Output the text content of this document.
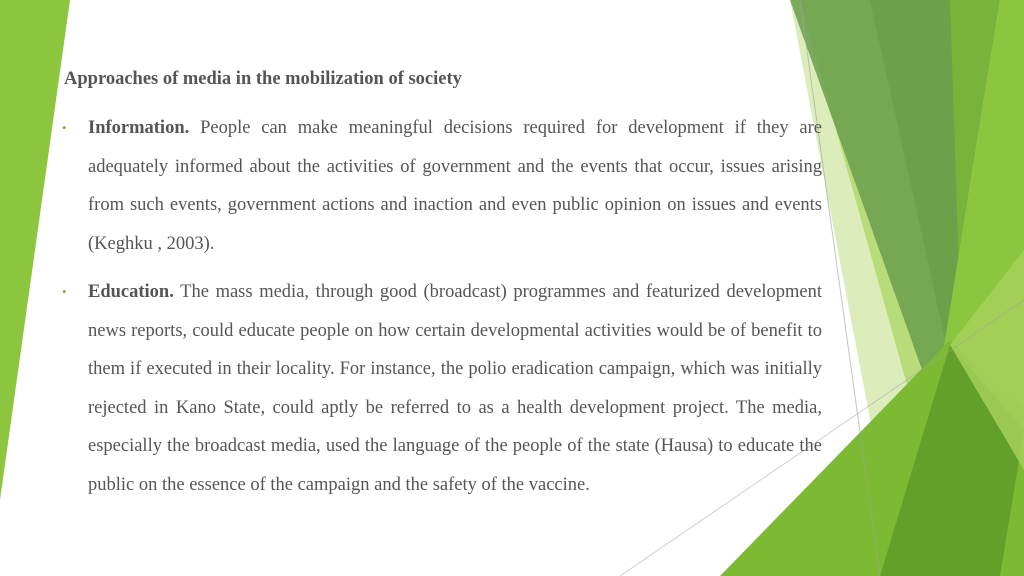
Approaches of media in the mobilization of society
• Information. People can make meaningful decisions required for development if they are adequately informed about the activities of government and the events that occur, issues arising from such events, government actions and inaction and even public opinion on issues and events (Keghku , 2003).
• Education. The mass media, through good (broadcast) programmes and featurized development news reports, could educate people on how certain developmental activities would be of benefit to them if executed in their locality. For instance, the polio eradication campaign, which was initially rejected in Kano State, could aptly be referred to as a health development project. The media, especially the broadcast media, used the language of the people of the state (Hausa) to educate the public on the essence of the campaign and the safety of the vaccine.
